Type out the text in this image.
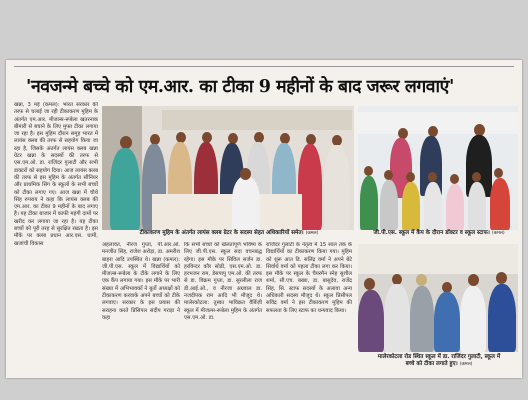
'नवजन्मे बच्चे को एम.आर. का टीका 9 महीनों के बाद जरूर लगवाएं'
खन्ना, 3 मई (कमल): भारत सरकार की तरफ से चलाई जा रही टीकाकरण मुहिम के अंतर्गत एम.आर. मीजल्स-रूबेला खतरनाक बीमारी से बचाने के लिए मुफ्त टीका लगाया जा रहा है। इस मुहिम दौरान समूह भारत में लायंस क्लब की तरफ से सहयोग किया जा रहा है, जिसके अंतर्गत लायंस क्लब खन्ना ग्रेटर खन्ना के सदस्यों की तरफ से एस.एम.ओ. डा. राजिंदर गुलाटी और सभी डाक्टरों को सहयोग दिया। आज लायंस क्लब की तरफ से इस मुहिम के अंतर्गत सीनियर और प्राथमिक सिंग के स्कूलों के सभी बच्चों को टीका लगाए गए। आज खन्ना में चौथे सिंह रुपराय ने कहा कि लायंस क्लब की एम.आर. का टीका 9 महीनों के बाद लगाए है। यह टीका बाजार में काफी महंगी दामों पर खरीद कर लगाया जा रहा है। यह टीका बच्चों को पूरी तरह से सुरक्षित रखता है। इस मौके पर क्लब प्रधान आर.एस. धामी, खजांची विकास
टीकाकरण मुहिम के अंतर्गत लायंस क्लब ग्रेटर के सदस्य सेहत अधिकारियों समेत। (कमल)	जी.पी.एस. स्कूल में कैंप के दौरान डॉक्टर व स्कूल स्टाफ। (कमल)
अहलावत, नीरज गुप्ता, पी.आर.ओ. मनजीत सिंह, राजेश अरोड़ा, डा. अमरीश बाहरा आदि उपस्थित थे। खन्ना (कमल): जी.पी.एस. स्कूल में विद्यार्थियों को मीजल्स-रूबेला के टीके लगाने के लिए एक कैंप लगाया गया। इस मौके पर भारी संख्या में अभिभावकों ने बुर्तो अध्यक्षों को टीकाकरण करवाके अपने बच्चों को टीके लगवाए। सरकार के इस प्रयास की सराहना करते प्रिंसिपल संदीप गराड़ा ने कहा
कि सभी बच्चों को खेलतापूर्ण भविष्य के लिए जी.पी.एस. स्कूल सदा वचनबद्ध रहेगा। इस मौके पर सिविल सर्जन डा. हरविन्दर कौर सोढी, एस.एम.ओ. डा. हरभजन राम, डेसपापु एम.ओ. की तरफ से डा. विक्रम गुप्ता, डा. सुरलीला राज डी.आई.ओ., व नीरजा अग्रवाल डा. नजदीपक राम आदि भी मौजूद थे। मालेरकोटला: तुस्का भाविक्रत वैर्बिज़ी स्कूल में मीजल्स-रूबेला मुहिम के अंतर्गत एस.एम.ओ. डा.
राजिंदर गुलाटी के नेतृत्व में 15 साल तक के विद्यार्थियों का टीकाकरण किया गया। मुहिम को शुरू आत डि. सलिंद्र वर्मा ने अपने बेटे सिर्वार्थ वर्मा को पहला टीका लगा कर किया। इस मौके पर स्कूल के चैयरमैन स्नेह सुशील शर्मा, सी.एच. बख्श, डा. बासुदेव, राजेंद्र सिंह, सि. स्टाफ सदस्यों के अलावा अन्य अधिकारी सदस्य मौजूद थे। स्कूल प्रिंसीपल सविंद्र वर्मा ने इस टीकाकरण मुहिम की सफलता के लिए स्टाफ का धन्यवाद किया।
मालेरकोटला रोड स्थित स्कूल में डा. राजिंदर गुलाटी, स्कूल में
बच्चे को टीका लगाते हुए। (कमल)
